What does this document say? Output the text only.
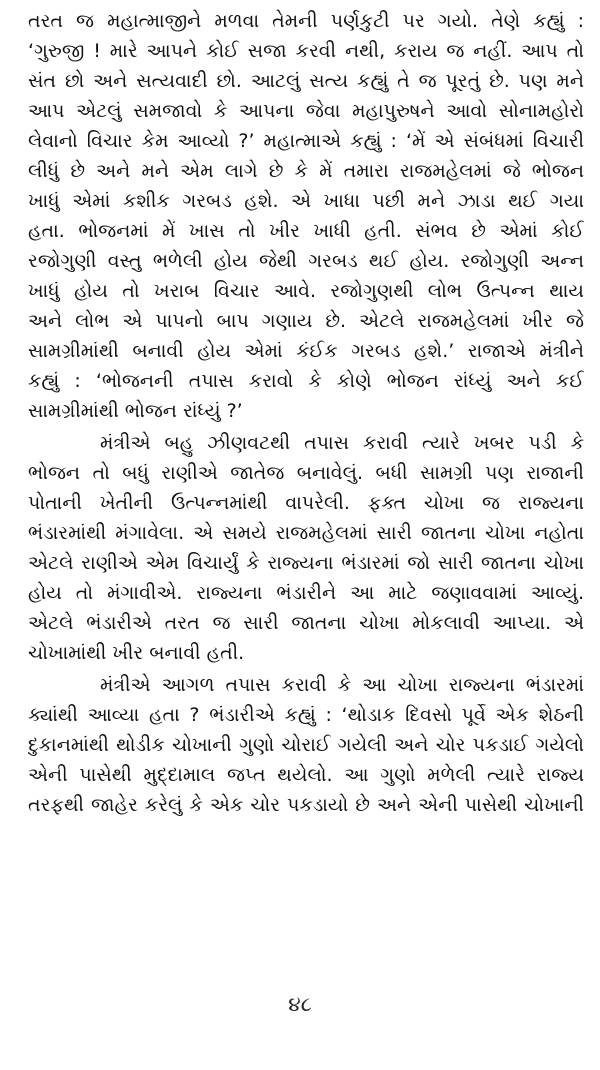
તરત જ મહાત્માજીને મળવા તેમની પર્ણકુટી પર ગયો. તેણે કહ્યું :
‘ગુરુજી ! મારે આપને કોઈ સજા કરવી નથી, કરાય જ નહીં. આપ તો
સંત છો અને સત્યવાદી છો. આટલું સત્ય કહ્યું તે જ પૂરતું છે. પણ મને
આપ એટલું સમજાવો કે આપના જેવા મહાપુરુષને આવો સોનામહોરો
લેવાનો વિચાર કેમ આવ્યો ?’ મહાત્માએ કહ્યું : ‘મેં એ સંબંધમાં વિચારી
લીધું છે અને મને એમ લાગે છે કે મેં તમારા રાજમહેલમાં જે ભોજન
ખાધું એમાં કશીક ગરબડ હશે. એ ખાધા પછી મને ઝાડા થઈ ગયા
હતા. ભોજનમાં મેં ખાસ તો ખીર ખાધી હતી. સંભવ છે એમાં કોઈ
રજોગુણી વસ્તુ ભળેલી હોય જેથી ગરબડ થઈ હોય. રજોગુણી અન્ન
ખાધું હોય તો ખરાબ વિચાર આવે. રજોગુણથી લોભ ઉત્પન્ન થાય
અને લોભ એ પાપનો બાપ ગણાય છે. એટલે રાજમહેલમાં ખીર જે
સામગ્રીમાંથી બનાવી હોય એમાં કંઈક ગરબડ હશે.’ રાજાએ મંત્રીને
કહ્યું : ‘ભોજનની તપાસ કરાવો કે કોણે ભોજન રાંધ્યું અને કઈ
સામગ્રીમાંથી ભોજન રાંધ્યું ?’
મંત્રીએ બહુ ઝીણવટથી તપાસ કરાવી ત્યારે ખબર પડી કે
ભોજન તો બધું રાણીએ જાતેજ બનાવેલું. બધી સામગ્રી પણ રાજાની
પોતાની ખેતીની ઉત્પન્નમાંથી વાપરેલી. ફક્ત ચોખા જ રાજ્યના
ભંડારમાંથી મંગાવેલા. એ સમયે રાજમહેલમાં સારી જાતના ચોખા નહોતા
એટલે રાણીએ એમ વિચાર્યું કે રાજ્યના ભંડારમાં જો સારી જાતના ચોખા
હોય તો મંગાવીએ. રાજ્યના ભંડારીને આ માટે જણાવવામાં આવ્યું.
એટલે ભંડારીએ તરત જ સારી જાતના ચોખા મોકલાવી આપ્યા. એ
ચોખામાંથી ખીર બનાવી હતી.
મંત્રીએ આગળ તપાસ કરાવી કે આ ચોખા રાજ્યના ભંડારમાં
ક્યાંથી આવ્યા હતા ? ભંડારીએ કહ્યું : ‘થોડાક દિવસો પૂર્વે એક શેઠની
દુકાનમાંથી થોડીક ચોખાની ગુણો ચોરાઈ ગયેલી અને ચોર પકડાઈ ગયેલો
એની પાસેથી મુદ્દામાલ જપ્ત થયેલો. આ ગુણો મળેલી ત્યારે રાજ્ય
તરફથી જાહેર કરેલું કે એક ચોર પકડાયો છે અને એની પાસેથી ચોખાની
૪૮
